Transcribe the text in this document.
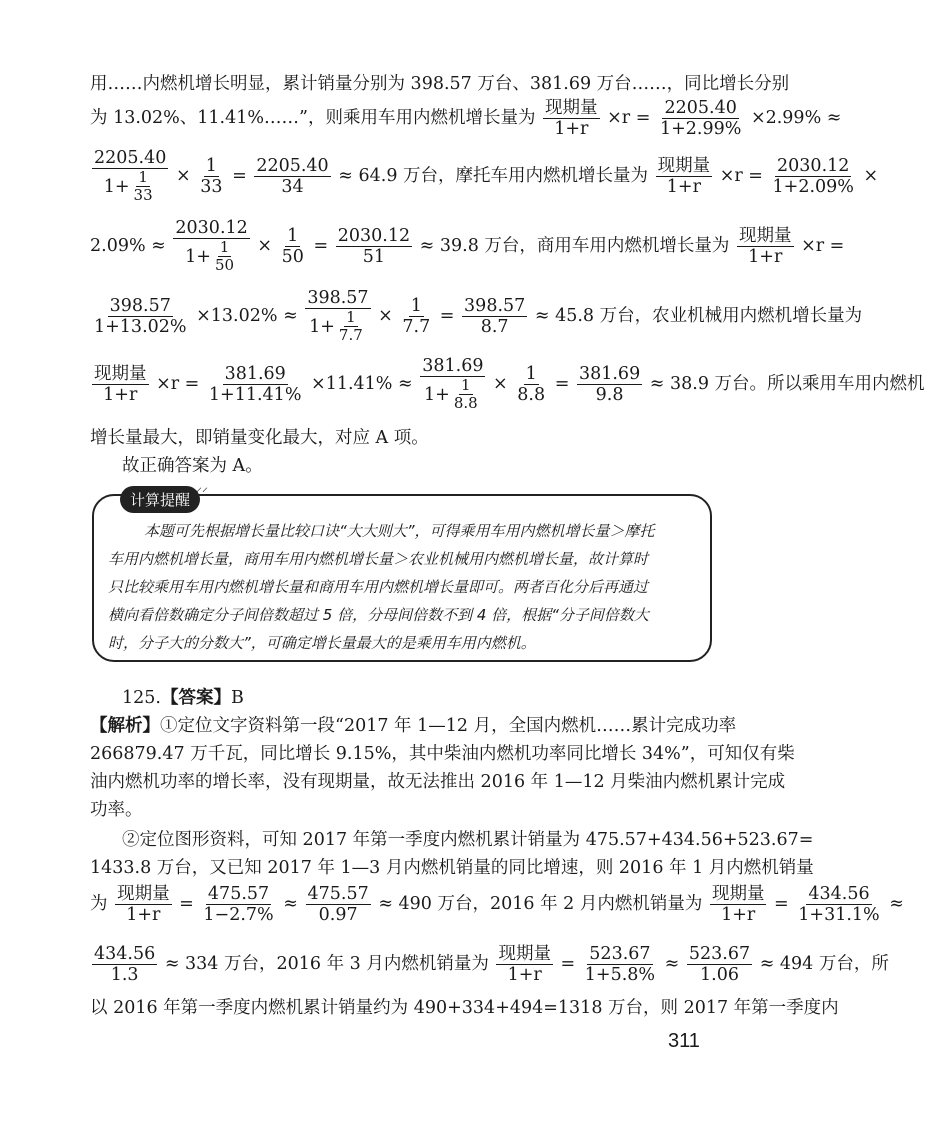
用……内燃机增长明显，累计销量分别为 398.57 万台、381.69 万台……，同比增长分别
为 13.02%、11.41%……”，则乘用车用内燃机增长量为 $\frac{\text{现期量}}{1+r} \times r = \frac{2205.40}{1+2.99\%} \times 2.99\%$ ≈
$\frac{2205.40}{1+ \frac{1}{33}} \times \frac{1}{33} = \frac{2205.40}{34} \approx 64.9$ 万台，摩托车用内燃机增长量为 $\frac{\text{现期量}}{1+r} \times r = \frac{2030.12}{1+2.09\%}$ ×
$2.09\% \approx \frac{2030.12}{1+ \frac{1}{50}} \times \frac{1}{50} = \frac{2030.12}{51} \approx 39.8$ 万台，商用车用内燃机增长量为 $\frac{\text{现期量}}{1+r} \times r$ =
$\frac{398.57}{1+13.02\%} \times 13.02\% \approx \frac{398.57}{1+ \frac{1}{7.7}} \times \frac{1}{7.7} = \frac{398.57}{8.7} \approx 45.8$ 万台，农业机械用内燃机增长量为
$\frac{\text{现期量}}{1+r} \times r = \frac{381.69}{1+11.41\%} \times 11.41\% \approx \frac{381.69}{1+ \frac{1}{8.8}} \times \frac{1}{8.8} = \frac{381.69}{9.8} \approx 38.9$ 万台。所以乘用车用内燃机
增长量最大，即销量变化最大，对应 A 项。
故正确答案为 A。
计算提醒
⸝⸝
本题可先根据增长量比较口诀“大大则大”，可得乘用车用内燃机增长量＞摩托
车用内燃机增长量，商用车用内燃机增长量＞农业机械用内燃机增长量，故计算时
只比较乘用车用内燃机增长量和商用车用内燃机增长量即可。两者百化分后再通过
横向看倍数确定分子间倍数超过 5 倍，分母间倍数不到 4 倍，根据“分子间倍数大
时，分子大的分数大”，可确定增长量最大的是乘用车用内燃机。
125.【答案】B
【解析】①定位文字资料第一段“2017 年 1—12 月，全国内燃机……累计完成功率
266879.47 万千瓦，同比增长 9.15%，其中柴油内燃机功率同比增长 34%”，可知仅有柴
油内燃机功率的增长率，没有现期量，故无法推出 2016 年 1—12 月柴油内燃机累计完成
功率。
②定位图形资料，可知 2017 年第一季度内燃机累计销量为 475.57+434.56+523.67=
1433.8 万台，又已知 2017 年 1—3 月内燃机销量的同比增速，则 2016 年 1 月内燃机销量
为 $\frac{\text{现期量}}{1+r} = \frac{475.57}{1-2.7\%} \approx \frac{475.57}{0.97} \approx 490$ 万台，2016 年 2 月内燃机销量为 $\frac{\text{现期量}}{1+r} = \frac{434.56}{1+31.1\%}$ ≈
$\frac{434.56}{1.3} \approx 334$ 万台，2016 年 3 月内燃机销量为 $\frac{\text{现期量}}{1+r} = \frac{523.67}{1+5.8\%} \approx \frac{523.67}{1.06} \approx 494$ 万台，所
以 2016 年第一季度内燃机累计销量约为 490+334+494=1318 万台，则 2017 年第一季度内
311
